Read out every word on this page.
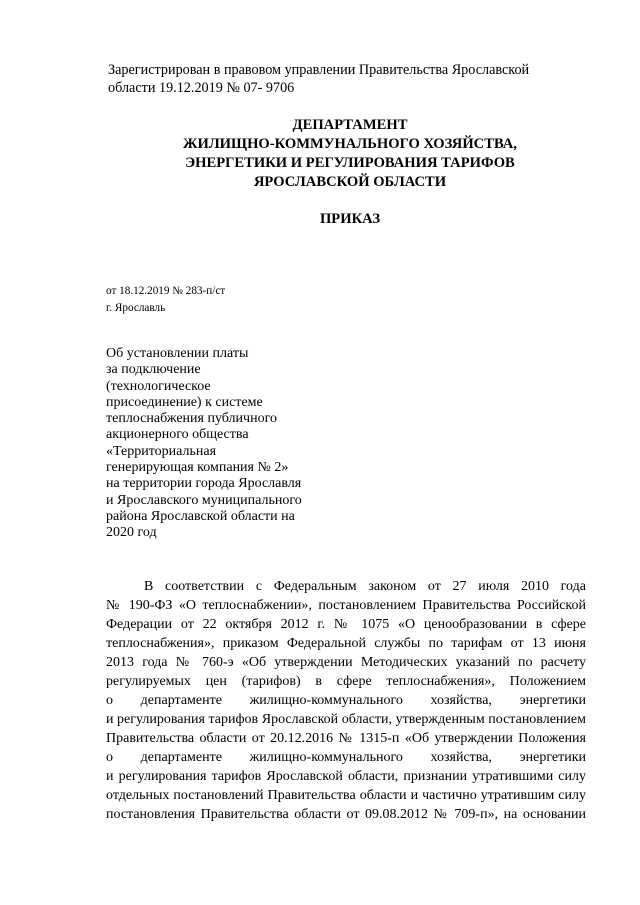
Зарегистрирован в правовом управлении Правительства Ярославской
области 19.12.2019 № 07- 9706
ДЕПАРТАМЕНТ
ЖИЛИЩНО-КОММУНАЛЬНОГО ХОЗЯЙСТВА,
ЭНЕРГЕТИКИ И РЕГУЛИРОВАНИЯ ТАРИФОВ
ЯРОСЛАВСКОЙ ОБЛАСТИ
ПРИКАЗ
от 18.12.2019 № 283-п/ст
г. Ярославль
Об установлении платы
за подключение
(технологическое
присоединение) к системе
теплоснабжения публичного
акционерного общества
«Территориальная
генерирующая компания № 2»
на территории города Ярославля
и Ярославского муниципального
района Ярославской области на
2020 год
В соответствии с Федеральным законом от 27 июля 2010 года
№ 190-ФЗ «О теплоснабжении», постановлением Правительства Российской
Федерации от 22 октября 2012 г. № 1075 «О ценообразовании в сфере
теплоснабжения», приказом Федеральной службы по тарифам от 13 июня
2013 года № 760-э «Об утверждении Методических указаний по расчету
регулируемых цен (тарифов) в сфере теплоснабжения», Положением
о департаменте жилищно-коммунального хозяйства, энергетики
и регулирования тарифов Ярославской области, утвержденным постановлением
Правительства области от 20.12.2016 № 1315-п «Об утверждении Положения
о департаменте жилищно-коммунального хозяйства, энергетики
и регулирования тарифов Ярославской области, признании утратившими силу
отдельных постановлений Правительства области и частично утратившим силу
постановления Правительства области от 09.08.2012 № 709-п», на основании
